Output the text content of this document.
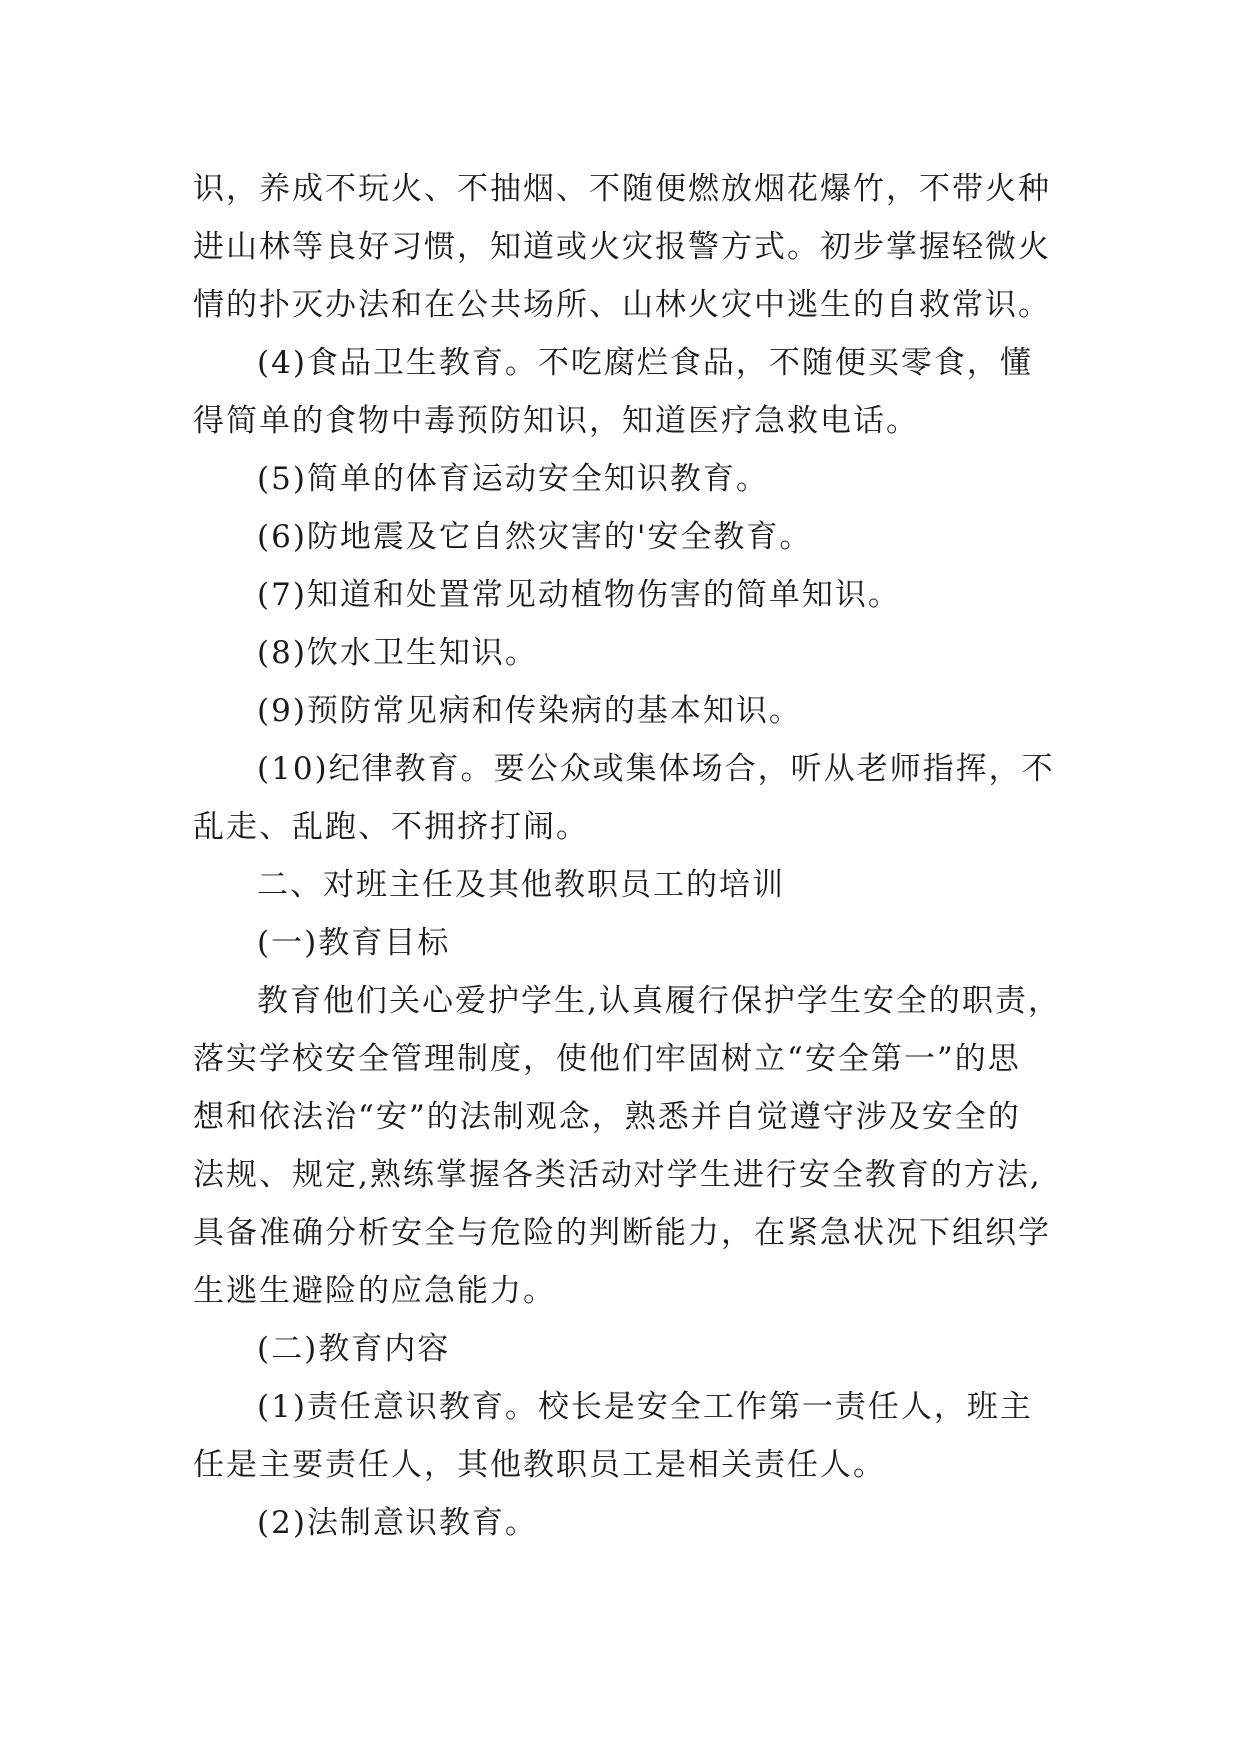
识，养成不玩火、不抽烟、不随便燃放烟花爆竹，不带火种
进山林等良好习惯，知道或火灾报警方式。初步掌握轻微火
情的扑灭办法和在公共场所、山林火灾中逃生的自救常识。
(4)食品卫生教育。不吃腐烂食品，不随便买零食，懂
得简单的食物中毒预防知识，知道医疗急救电话。
(5)简单的体育运动安全知识教育。
(6)防地震及它自然灾害的'安全教育。
(7)知道和处置常见动植物伤害的简单知识。
(8)饮水卫生知识。
(9)预防常见病和传染病的基本知识。
(10)纪律教育。要公众或集体场合，听从老师指挥，不
乱走、乱跑、不拥挤打闹。
二、对班主任及其他教职员工的培训
(一)教育目标
教育他们关心爱护学生,认真履行保护学生安全的职责，
落实学校安全管理制度，使他们牢固树立“安全第一”的思
想和依法治“安”的法制观念，熟悉并自觉遵守涉及安全的
法规、规定,熟练掌握各类活动对学生进行安全教育的方法,
具备准确分析安全与危险的判断能力，在紧急状况下组织学
生逃生避险的应急能力。
(二)教育内容
(1)责任意识教育。校长是安全工作第一责任人，班主
任是主要责任人，其他教职员工是相关责任人。
(2)法制意识教育。
